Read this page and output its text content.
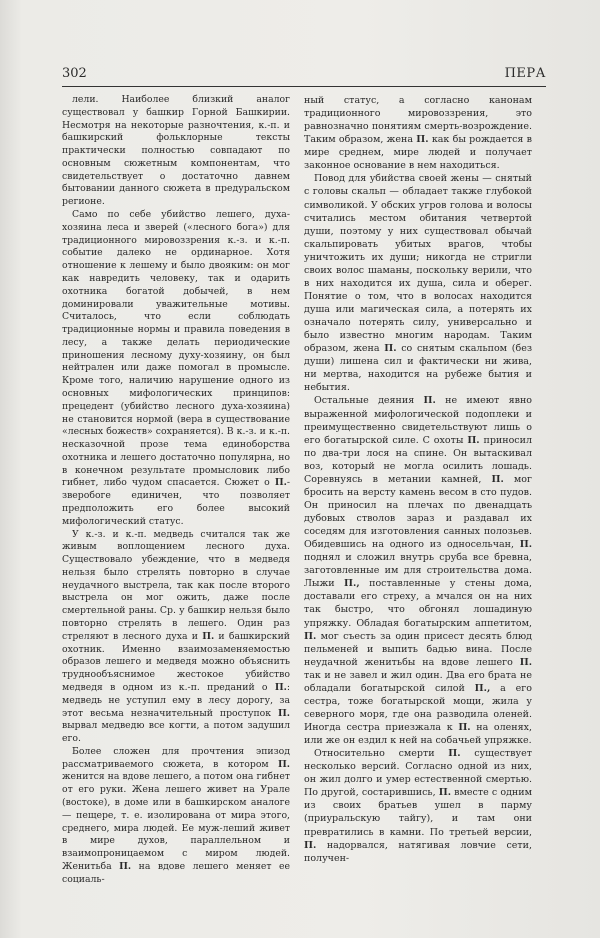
302	ПЕРА

лели. Наиболее близкий аналог существовал у башкир Горной Башкирии. Несмотря на некоторые разночтения, к.-п. и башкирский фольклорные тексты практически полностью совпадают по основным сюжетным компонентам, что свидетельствует о достаточно давнем бытовании данного сюжета в предуральском регионе.

Само по себе убийство лешего, духа-хозяина леса и зверей («лесного бога») для традиционного мировоззрения к.-з. и к.-п. событие далеко не ординарное. Хотя отношение к лешему и было двояким: он мог как навредить человеку, так и одарить охотника богатой добычей, в нем доминировали уважительные мотивы. Считалось, что если соблюдать традиционные нормы и правила поведения в лесу, а также делать периодические приношения лесному духу-хозяину, он был нейтрален или даже помогал в промысле. Кроме того, наличию нарушение одного из основных мифологических принципов: прецедент (убийство лесного духа-хозяина) не становится нормой (вера в существование «лесных божеств» сохраняется). В к.-з. и к.-п. несказочной прозе тема единоборства охотника и лешего достаточно популярна, но в конечном результате промысловик либо гибнет, либо чудом спасается. Сюжет о П.-зверобоге единичен, что позволяет предположить его более высокий мифологический статус.

У к.-з. и к.-п. медведь считался так же живым воплощением лесного духа. Существовало убеждение, что в медведя нельзя было стрелять повторно в случае неудачного выстрела, так как после второго выстрела он мог ожить, даже после смертельной раны. Ср. у башкир нельзя было повторно стрелять в лешего. Один раз стреляют в лесного духа и П. и башкирский охотник. Именно взаимозаменяемостью образов лешего и медведя можно объяснить труднообъяснимое жестокое убийство медведя в одном из к.-п. преданий о П.: медведь не уступил ему в лесу дорогу, за этот весьма незначительный проступок П. вырвал медведю все когти, а потом задушил его.

Более сложен для прочтения эпизод рассматриваемого сюжета, в котором П. женится на вдове лешего, а потом она гибнет от его руки. Жена лешего живет на Урале (востоке), в доме или в башкирском аналоге — пещере, т. е. изолирована от мира этого, среднего, мира людей. Ее муж-леший живет в мире духов, параллельном и взаимопроницаемом с миром людей. Женитьба П. на вдове лешего меняет ее социаль-

ный статус, а согласно канонам традиционного мировоззрения, это равнозначно понятиям смерть-возрождение. Таким образом, жена П. как бы рождается в мире среднем, мире людей и получает законное основание в нем находиться.

Повод для убийства своей жены — снятый с головы скальп — обладает также глубокой символикой. У обских угров голова и волосы считались местом обитания четвертой души, поэтому у них существовал обычай скальпировать убитых врагов, чтобы уничтожить их души; никогда не стригли своих волос шаманы, поскольку верили, что в них находится их душа, сила и оберег. Понятие о том, что в волосах находится душа или магическая сила, а потерять их означало потерять силу, универсально и было известно многим народам. Таким образом, жена П. со снятым скальпом (без души) лишена сил и фактически ни жива, ни мертва, находится на рубеже бытия и небытия.

Остальные деяния П. не имеют явно выраженной мифологической подоплеки и преимущественно свидетельствуют лишь о его богатырской силе. С охоты П. приносил по два-три лося на спине. Он вытаскивал воз, который не могла осилить лошадь. Соревнуясь в метании камней, П. мог бросить на версту камень весом в сто пудов. Он приносил на плечах по двенадцать дубовых стволов зараз и раздавал их соседям для изготовления санных полозьев. Обидевшись на одного из односельчан, П. поднял и сложил внутрь сруба все бревна, заготовленные им для строительства дома. Лыжи П., поставленные у стены дома, доставали его стреху, а мчался он на них так быстро, что обгонял лошадиную упряжку. Обладая богатырским аппетитом, П. мог съесть за один присест десять блюд пельменей и выпить бадью вина. После неудачной женитьбы на вдове лешего П. так и не завел и жил один. Два его брата не обладали богатырской силой П., а его сестра, тоже богатырской мощи, жила у северного моря, где она разводила оленей. Иногда сестра приезжала к П. на оленях, или же он ездил к ней на собачьей упряжке.

Относительно смерти П. существует несколько версий. Согласно одной из них, он жил долго и умер естественной смертью. По другой, состарившись, П. вместе с одним из своих братьев ушел в парму (приуральскую тайгу), и там они превратились в камни. По третьей версии, П. надорвался, натягивая ловчие сети, получен-
